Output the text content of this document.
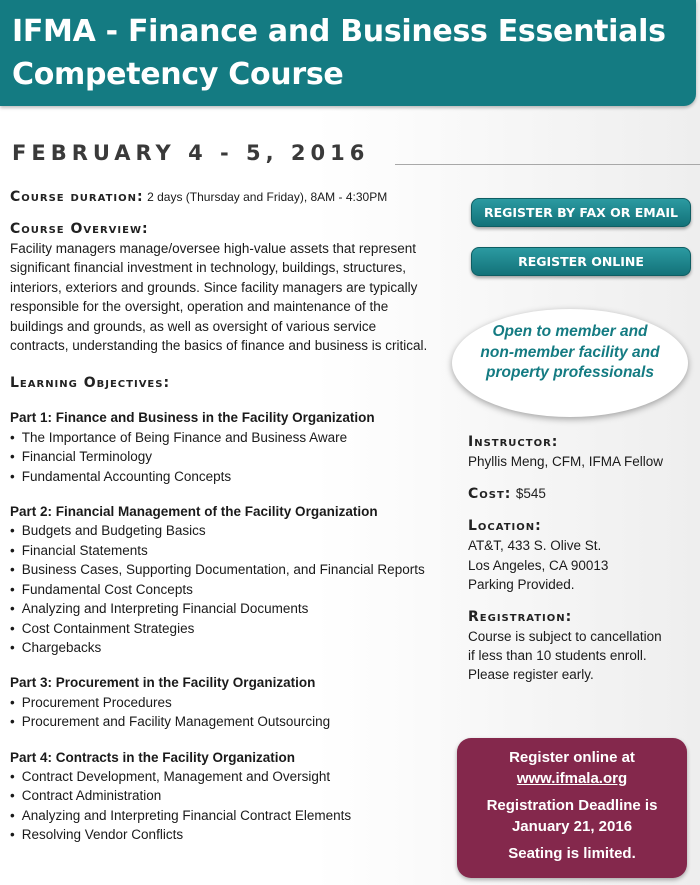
IFMA - Finance and Business Essentials
Competency Course
FEBRUARY 4 - 5, 2016
Course duration: 2 days (Thursday and Friday), 8AM - 4:30PM
Course Overview:
Facility managers manage/oversee high-value assets that represent significant financial investment in technology, buildings, structures, interiors, exteriors and grounds. Since facility managers are typically responsible for the oversight, operation and maintenance of the buildings and grounds, as well as oversight of various service contracts, understanding the basics of finance and business is critical.
Learning Objectives:
Part 1: Finance and Business in the Facility Organization
• The Importance of Being Finance and Business Aware
• Financial Terminology
• Fundamental Accounting Concepts
Part 2: Financial Management of the Facility Organization
• Budgets and Budgeting Basics
• Financial Statements
• Business Cases, Supporting Documentation, and Financial Reports
• Fundamental Cost Concepts
• Analyzing and Interpreting Financial Documents
• Cost Containment Strategies
• Chargebacks
Part 3: Procurement in the Facility Organization
• Procurement Procedures
• Procurement and Facility Management Outsourcing
Part 4: Contracts in the Facility Organization
• Contract Development, Management and Oversight
• Contract Administration
• Analyzing and Interpreting Financial Contract Elements
• Resolving Vendor Conflicts
REGISTER BY FAX OR EMAIL
REGISTER ONLINE
Open to member and
non-member facility and
property professionals
Instructor:
Phyllis Meng, CFM, IFMA Fellow
Cost: $545
Location:
AT&T, 433 S. Olive St.
Los Angeles, CA 90013
Parking Provided.
Registration:
Course is subject to cancellation
if less than 10 students enroll.
Please register early.
Register online at
www.ifmala.org
Registration Deadline is
January 21, 2016
Seating is limited.
